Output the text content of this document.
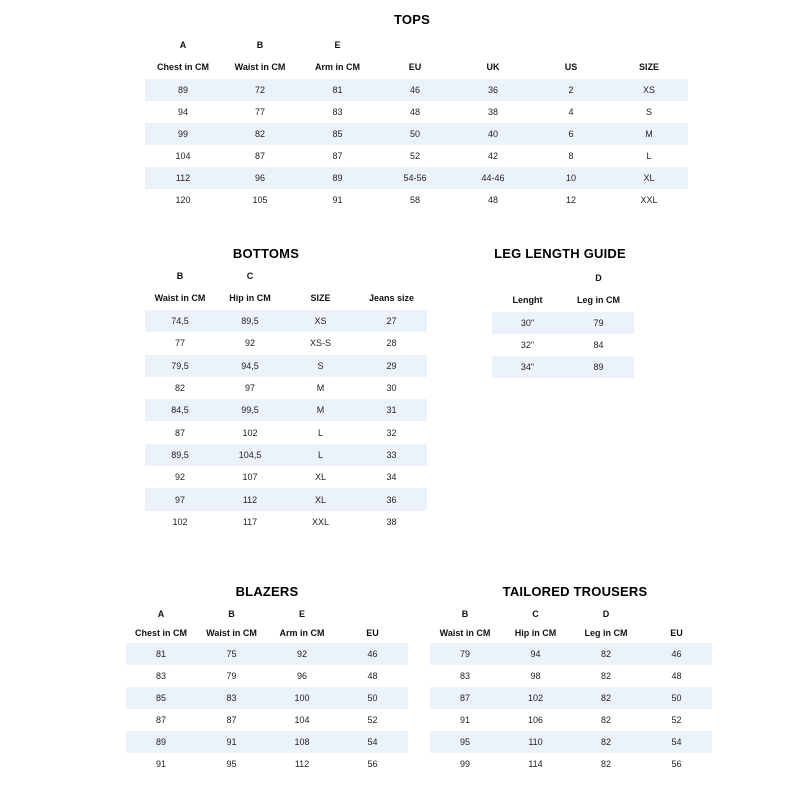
TOPS
A	B	E				
Chest in CM	Waist in CM	Arm in CM	EU	UK	US	SIZE
89	72	81	46	36	2	XS
94	77	83	48	38	4	S
99	82	85	50	40	6	M
104	87	87	52	42	8	L
112	96	89	54-56	44-46	10	XL
120	105	91	58	48	12	XXL
BOTTOMS
B	C		
Waist in CM	Hip in CM	SIZE	Jeans size
74,5	89,5	XS	27
77	92	XS-S	28
79,5	94,5	S	29
82	97	M	30
84,5	99,5	M	31
87	102	L	32
89,5	104,5	L	33
92	107	XL	34
97	112	XL	36
102	117	XXL	38
LEG LENGTH GUIDE
	D
Lenght	Leg in CM
30"	79
32"	84
34"	89
BLAZERS
A	B	E	
Chest in CM	Waist in CM	Arm in CM	EU
81	75	92	46
83	79	96	48
85	83	100	50
87	87	104	52
89	91	108	54
91	95	112	56
TAILORED TROUSERS
B	C	D	
Waist in CM	Hip in CM	Leg in CM	EU
79	94	82	46
83	98	82	48
87	102	82	50
91	106	82	52
95	110	82	54
99	114	82	56
